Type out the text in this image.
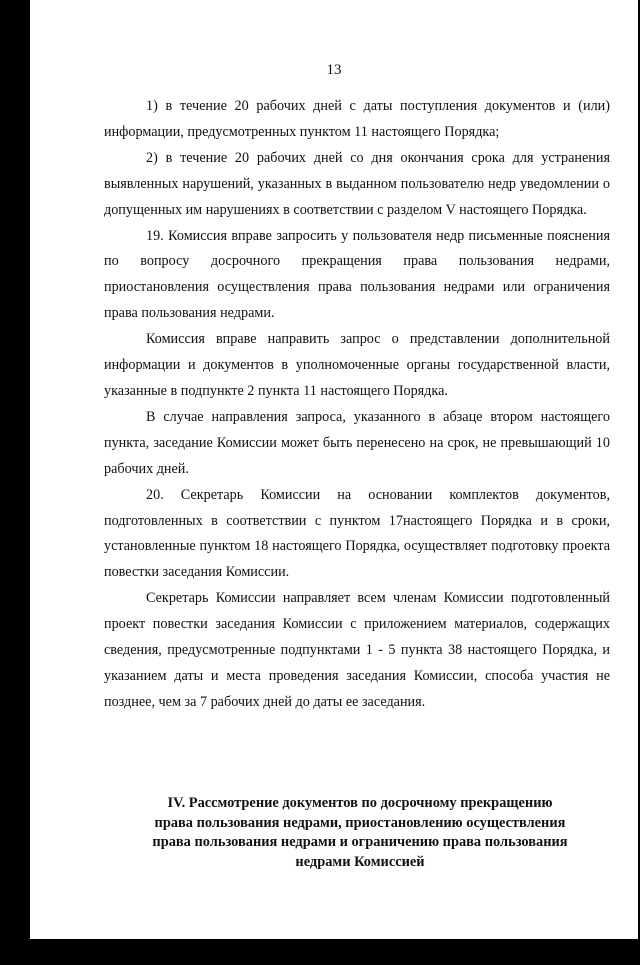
13

1) в течение 20 рабочих дней с даты поступления документов и (или) информации, предусмотренных пунктом 11 настоящего Порядка;

2) в течение 20 рабочих дней со дня окончания срока для устранения выявленных нарушений, указанных в выданном пользователю недр уведомлении о допущенных им нарушениях в соответствии с разделом V настоящего Порядка.

19. Комиссия вправе запросить у пользователя недр письменные пояснения по вопросу досрочного прекращения права пользования недрами, приостановления осуществления права пользования недрами или ограничения права пользования недрами.

Комиссия вправе направить запрос о представлении дополнительной информации и документов в уполномоченные органы государственной власти, указанные в подпункте 2 пункта 11 настоящего Порядка.

В случае направления запроса, указанного в абзаце втором настоящего пункта, заседание Комиссии может быть перенесено на срок, не превышающий 10 рабочих дней.

20. Секретарь Комиссии на основании комплектов документов, подготовленных в соответствии с пунктом 17настоящего Порядка и в сроки, установленные пунктом 18 настоящего Порядка, осуществляет подготовку проекта повестки заседания Комиссии.

Секретарь Комиссии направляет всем членам Комиссии подготовленный проект повестки заседания Комиссии с приложением материалов, содержащих сведения, предусмотренные подпунктами 1 - 5 пункта 38 настоящего Порядка, и указанием даты и места проведения заседания Комиссии, способа участия не позднее, чем за 7 рабочих дней до даты ее заседания.

IV. Рассмотрение документов по досрочному прекращению
права пользования недрами, приостановлению осуществления
права пользования недрами и ограничению права пользования
недрами Комиссией
